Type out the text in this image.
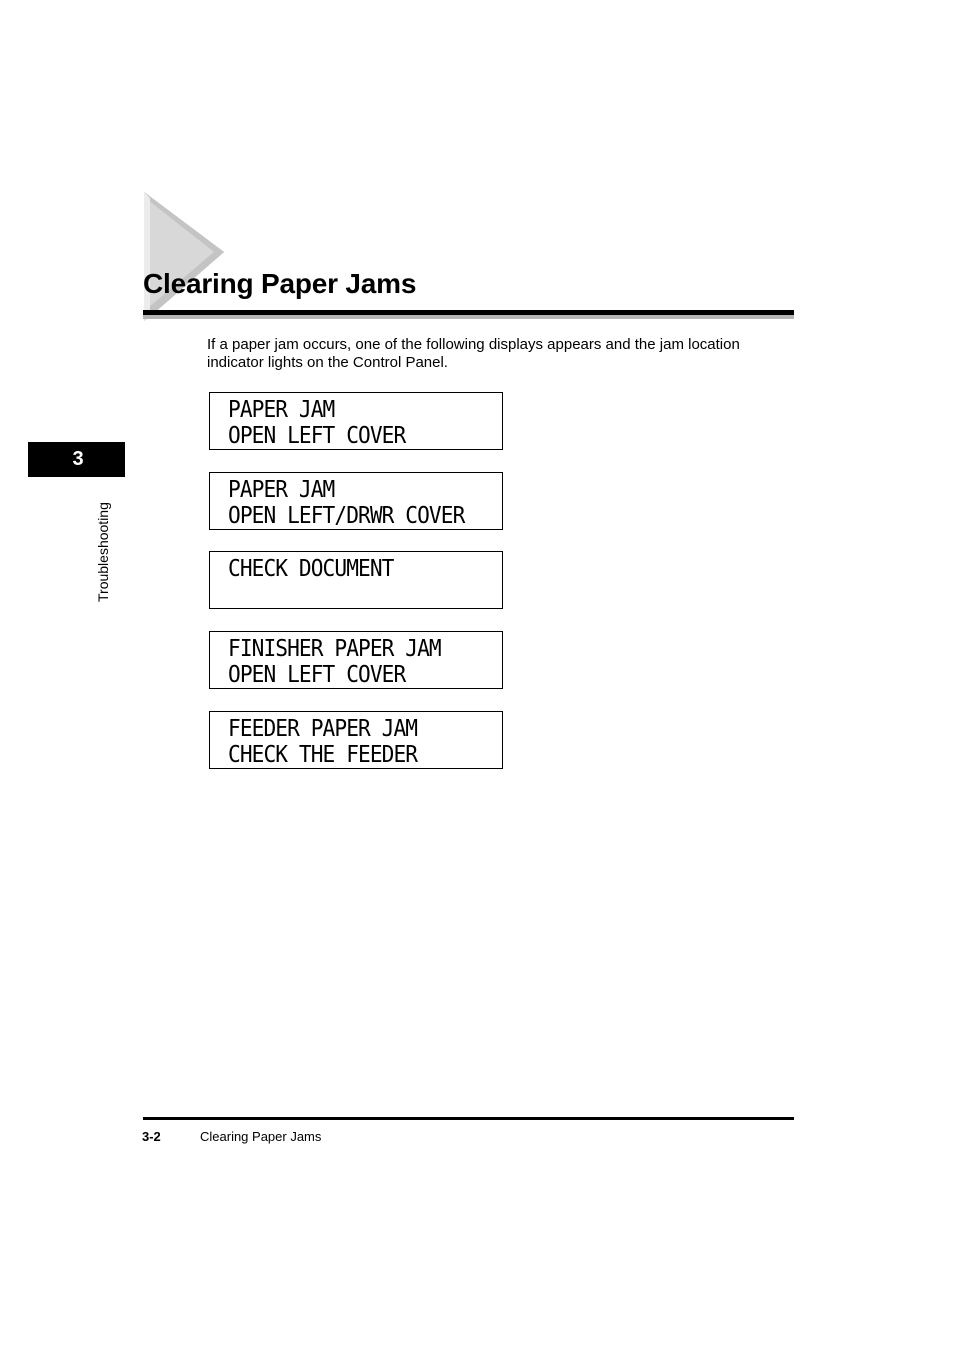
Clearing Paper Jams

If a paper jam occurs, one of the following displays appears and the jam location indicator lights on the Control Panel.

3
Troubleshooting
PAPER JAM
OPEN LEFT COVER
PAPER JAM
OPEN LEFT/DRWR COVER
CHECK DOCUMENT
FINISHER PAPER JAM
OPEN LEFT COVER
FEEDER PAPER JAM
CHECK THE FEEDER
3-2	Clearing Paper Jams
